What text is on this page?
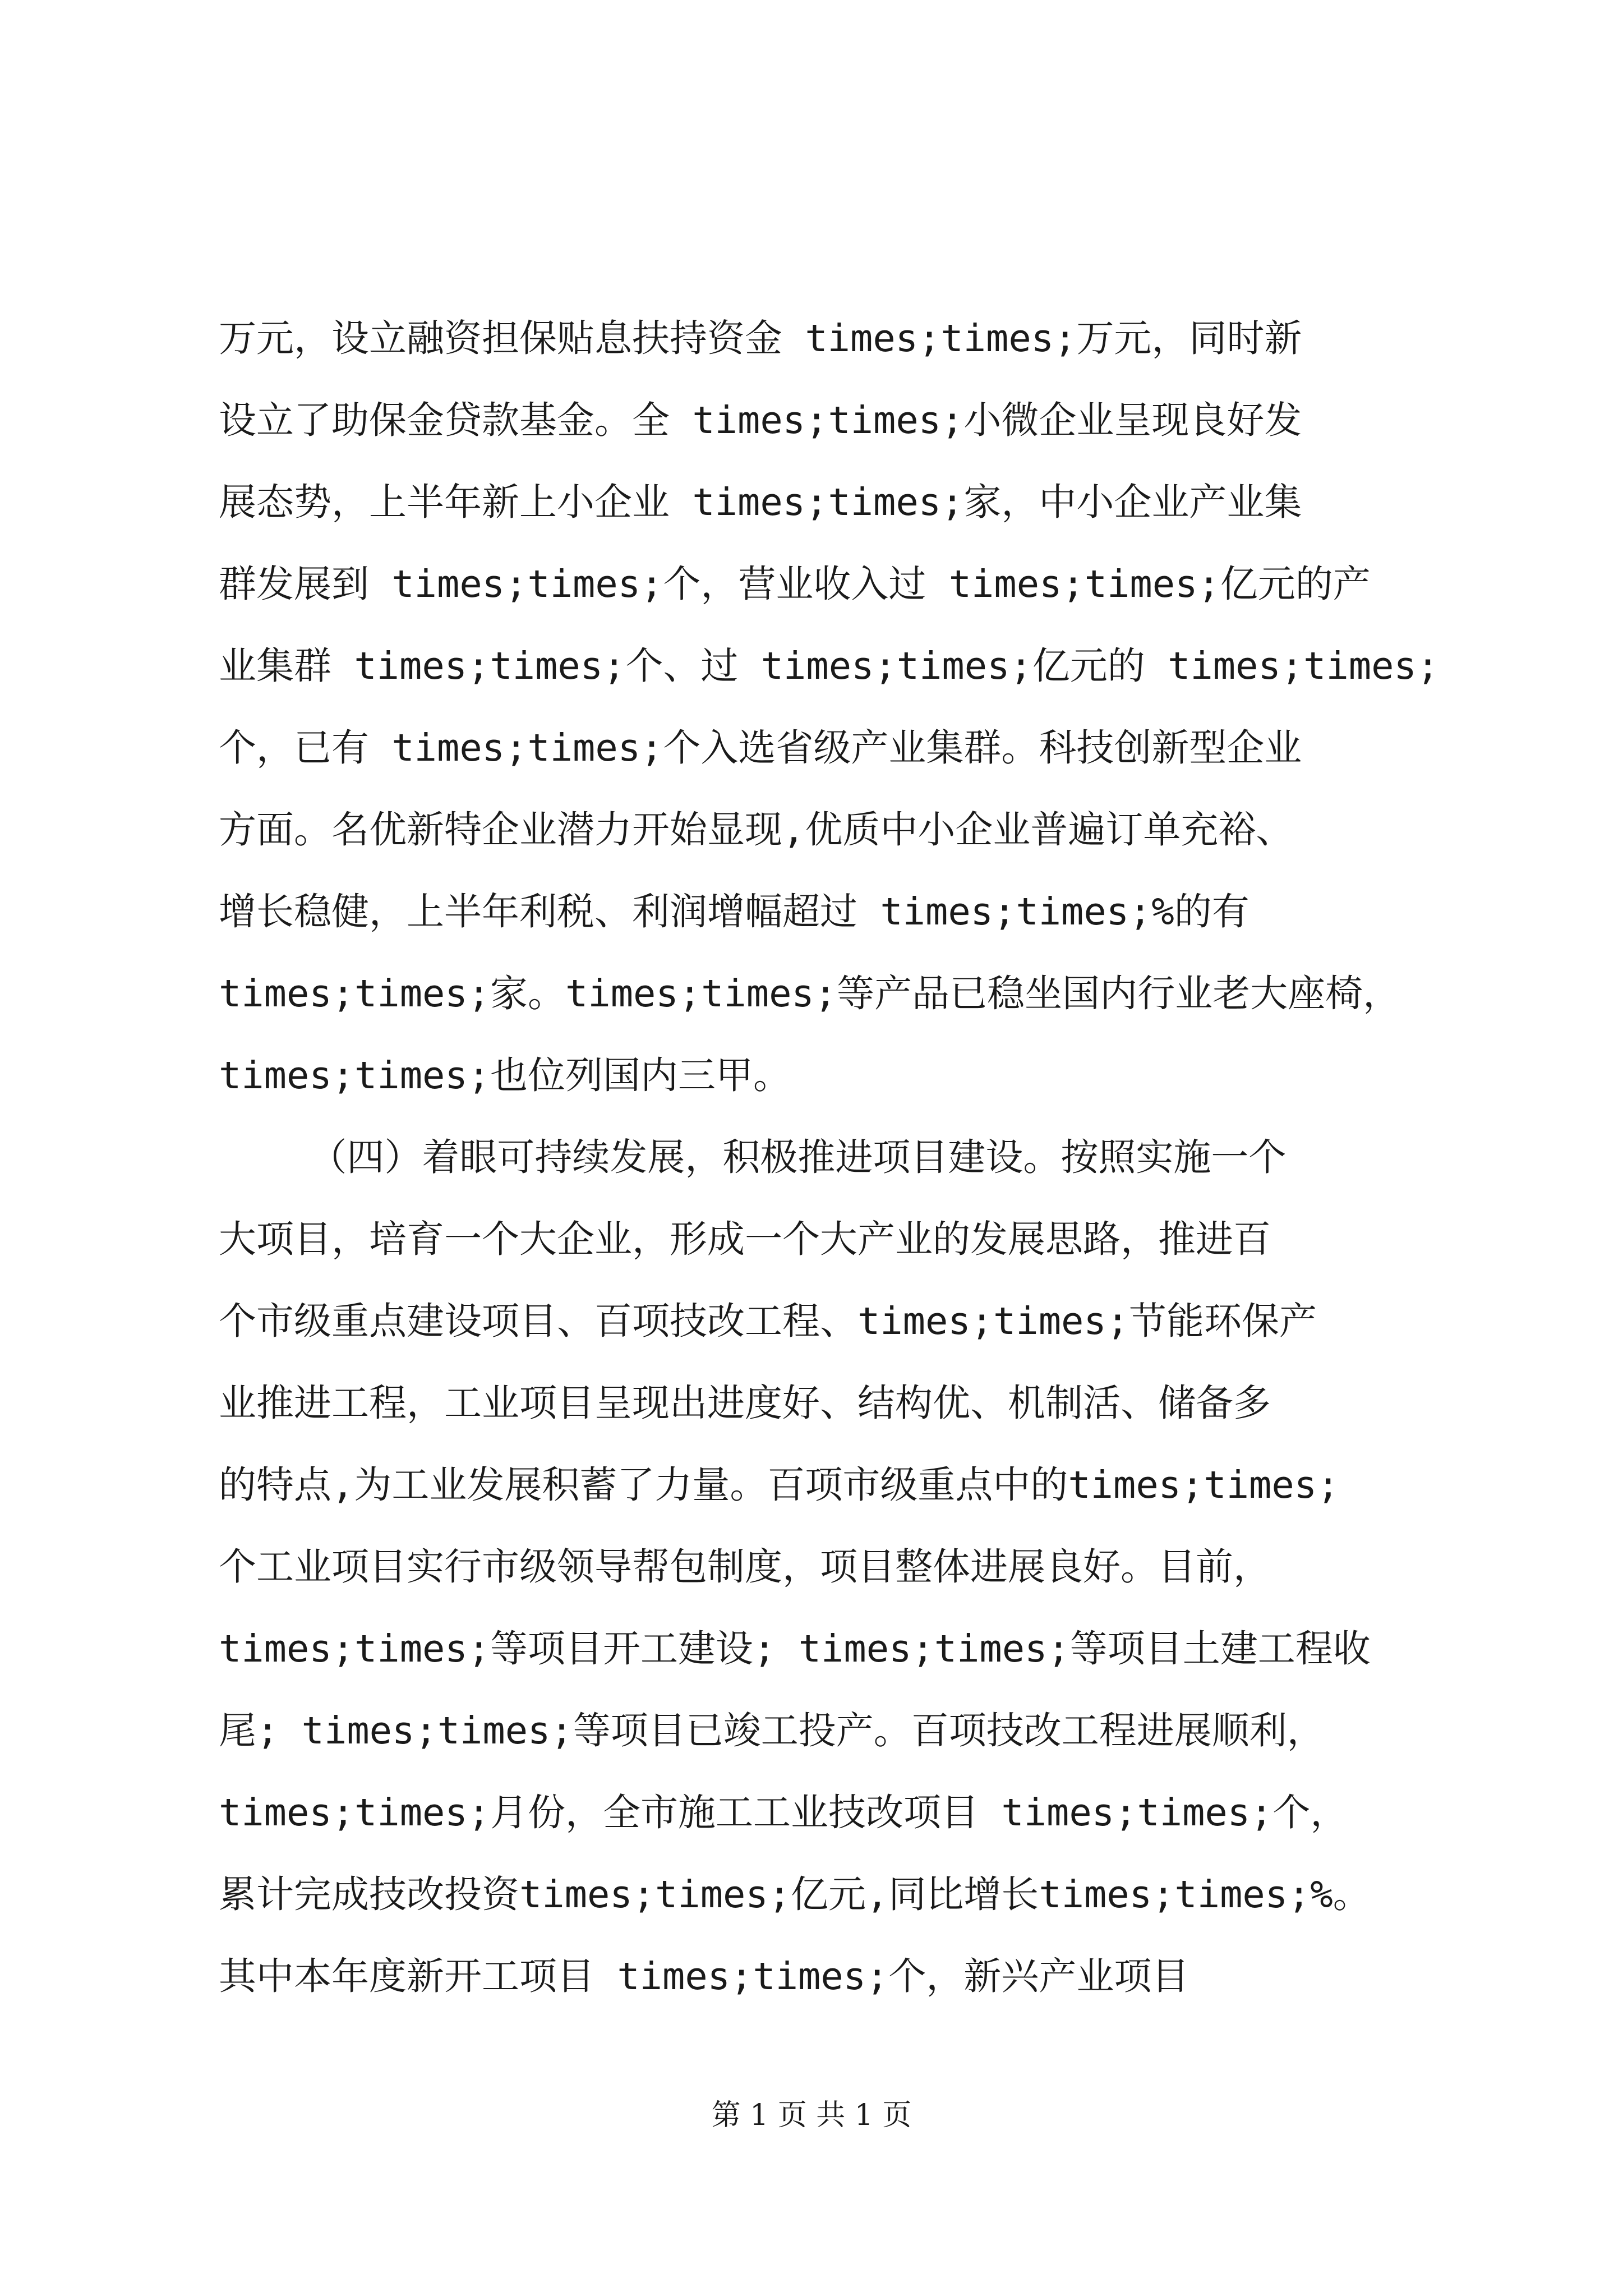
万元，设立融资担保贴息扶持资金 times;times;万元，同时新
设立了助保金贷款基金。全 times;times;小微企业呈现良好发
展态势，上半年新上小企业 times;times;家，中小企业产业集
群发展到 times;times;个，营业收入过 times;times;亿元的产
业集群 times;times;个、过 times;times;亿元的 times;times;
个，已有 times;times;个入选省级产业集群。科技创新型企业
方面。名优新特企业潜力开始显现,优质中小企业普遍订单充裕、
增长稳健，上半年利税、利润增幅超过 times;times;%的有
times;times;家。times;times;等产品已稳坐国内行业老大座椅，
times;times;也位列国内三甲。
（四）着眼可持续发展，积极推进项目建设。按照实施一个
大项目，培育一个大企业，形成一个大产业的发展思路，推进百
个市级重点建设项目、百项技改工程、times;times;节能环保产
业推进工程，工业项目呈现出进度好、结构优、机制活、储备多
的特点,为工业发展积蓄了力量。百项市级重点中的times;times;
个工业项目实行市级领导帮包制度，项目整体进展良好。目前，
times;times;等项目开工建设; times;times;等项目土建工程收
尾; times;times;等项目已竣工投产。百项技改工程进展顺利，
times;times;月份，全市施工工业技改项目 times;times;个，
累计完成技改投资times;times;亿元,同比增长times;times;%。
其中本年度新开工项目 times;times;个，新兴产业项目
第 1 页 共 1 页
